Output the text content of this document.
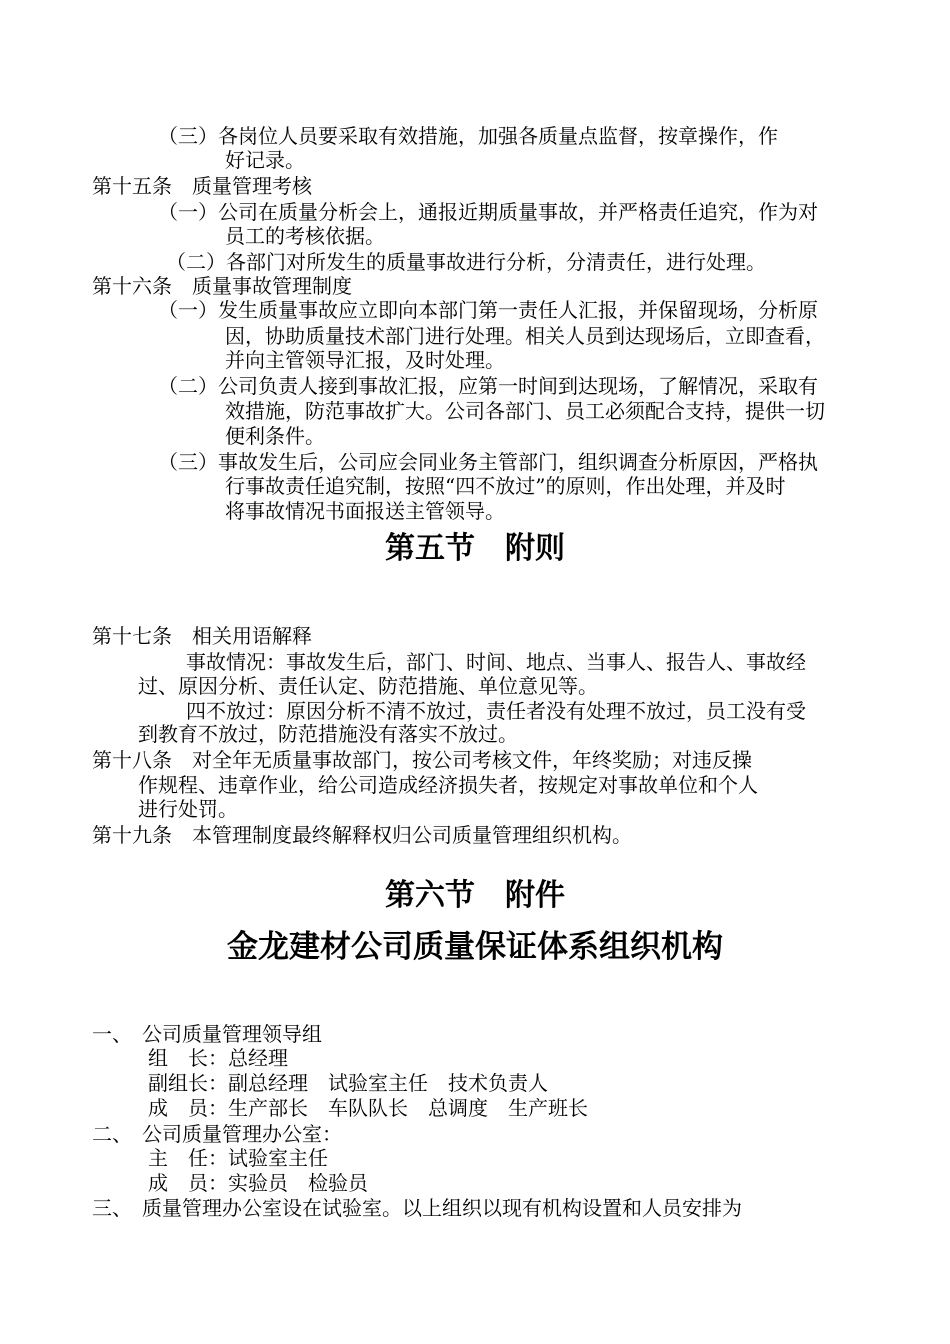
（三）各岗位人员要采取有效措施，加强各质量点监督，按章操作，作
好记录。
第十五条　质量管理考核
（一）公司在质量分析会上，通报近期质量事故，并严格责任追究，作为对
员工的考核依据。
（二）各部门对所发生的质量事故进行分析，分清责任，进行处理。
第十六条　质量事故管理制度
（一）发生质量事故应立即向本部门第一责任人汇报，并保留现场，分析原
因，协助质量技术部门进行处理。相关人员到达现场后，立即查看，
并向主管领导汇报，及时处理。
（二）公司负责人接到事故汇报，应第一时间到达现场，了解情况，采取有
效措施，防范事故扩大。公司各部门、员工必须配合支持，提供一切
便利条件。
（三）事故发生后，公司应会同业务主管部门，组织调查分析原因，严格执
行事故责任追究制，按照“四不放过”的原则，作出处理，并及时
将事故情况书面报送主管领导。
第五节　附则
第十七条　相关用语解释
事故情况：事故发生后，部门、时间、地点、当事人、报告人、事故经
过、原因分析、责任认定、防范措施、单位意见等。
四不放过：原因分析不清不放过，责任者没有处理不放过，员工没有受
到教育不放过，防范措施没有落实不放过。
第十八条　对全年无质量事故部门，按公司考核文件，年终奖励；对违反操
作规程、违章作业，给公司造成经济损失者，按规定对事故单位和个人
进行处罚。
第十九条　本管理制度最终解释权归公司质量管理组织机构。
第六节　附件
金龙建材公司质量保证体系组织机构
一、　公司质量管理领导组
组　长：总经理
副组长：副总经理　试验室主任　技术负责人
成　员：生产部长　车队队长　总调度　生产班长
二、　公司质量管理办公室：
主　任：试验室主任
成　员：实验员　检验员
三、　质量管理办公室设在试验室。以上组织以现有机构设置和人员安排为
